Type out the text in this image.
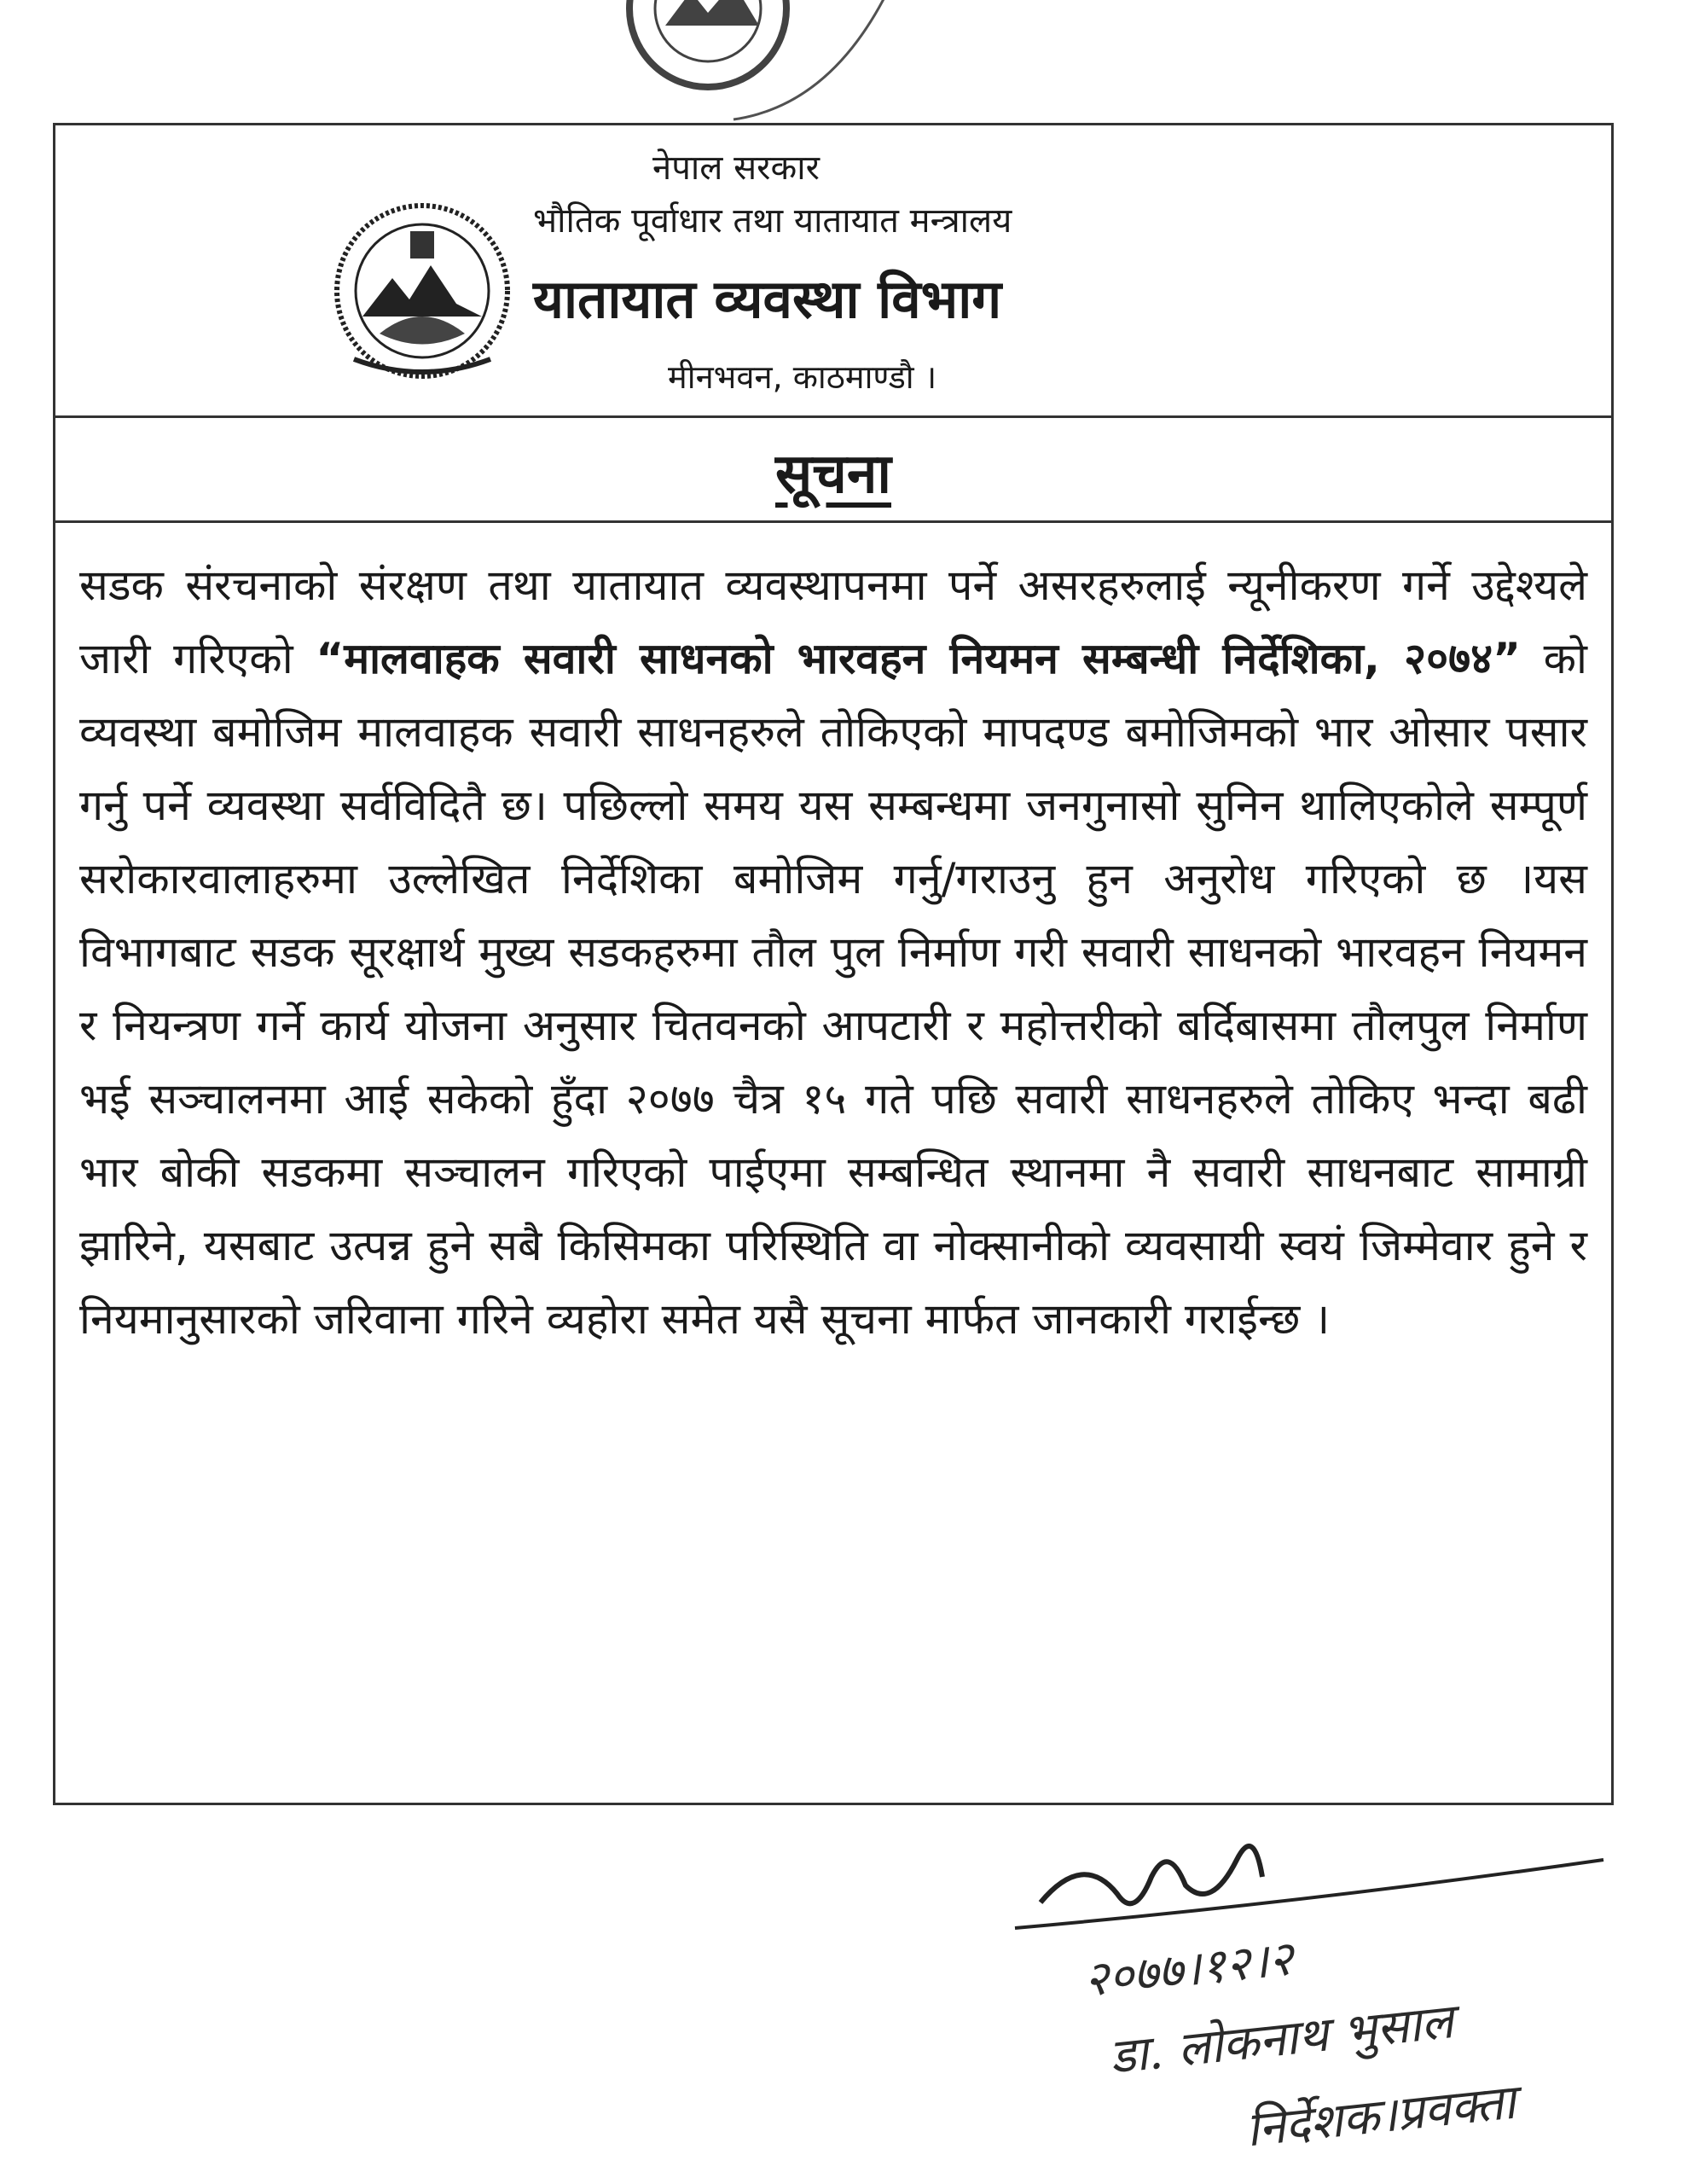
नेपाल सरकार
भौतिक पूर्वाधार तथा यातायात मन्त्रालय
यातायात व्यवस्था विभाग
मीनभवन, काठमाण्डौ ।
सूचना
सडक संरचनाको संरक्षण तथा यातायात व्यवस्थापनमा पर्ने असरहरुलाई न्यूनीकरण गर्ने उद्देश्यले जारी गरिएको “मालवाहक सवारी साधनको भारवहन नियमन सम्बन्धी निर्देशिका, २०७४” को व्यवस्था बमोजिम मालवाहक सवारी साधनहरुले तोकिएको मापदण्ड बमोजिमको भार ओसार पसार गर्नु पर्ने व्यवस्था सर्वविदितै छ। पछिल्लो समय यस सम्बन्धमा जनगुनासो सुनिन थालिएकोले सम्पूर्ण सरोकारवालाहरुमा उल्लेखित निर्देशिका बमोजिम गर्नु/गराउनु हुन अनुरोध गरिएको छ ।यस विभागबाट सडक सूरक्षार्थ मुख्य सडकहरुमा तौल पुल निर्माण गरी सवारी साधनको भारवहन नियमन र नियन्त्रण गर्ने कार्य योजना अनुसार चितवनको आपटारी र महोत्तरीको बर्दिबासमा तौलपुल निर्माण भई सञ्चालनमा आई सकेको हुँदा २०७७ चैत्र १५ गते पछि सवारी साधनहरुले तोकिए भन्दा बढी भार बोकी सडकमा सञ्चालन गरिएको पाईएमा सम्बन्धित स्थानमा नै सवारी साधनबाट सामाग्री झारिने, यसबाट उत्पन्न हुने सबै किसिमका परिस्थिति वा नोक्सानीको व्यवसायी स्वयं जिम्मेवार हुने र नियमानुसारको जरिवाना गरिने व्यहोरा समेत यसै सूचना मार्फत जानकारी गराईन्छ ।
२०७७।१२।२
डा. लोकनाथ भुसाल
निर्देशक।प्रवक्ता
